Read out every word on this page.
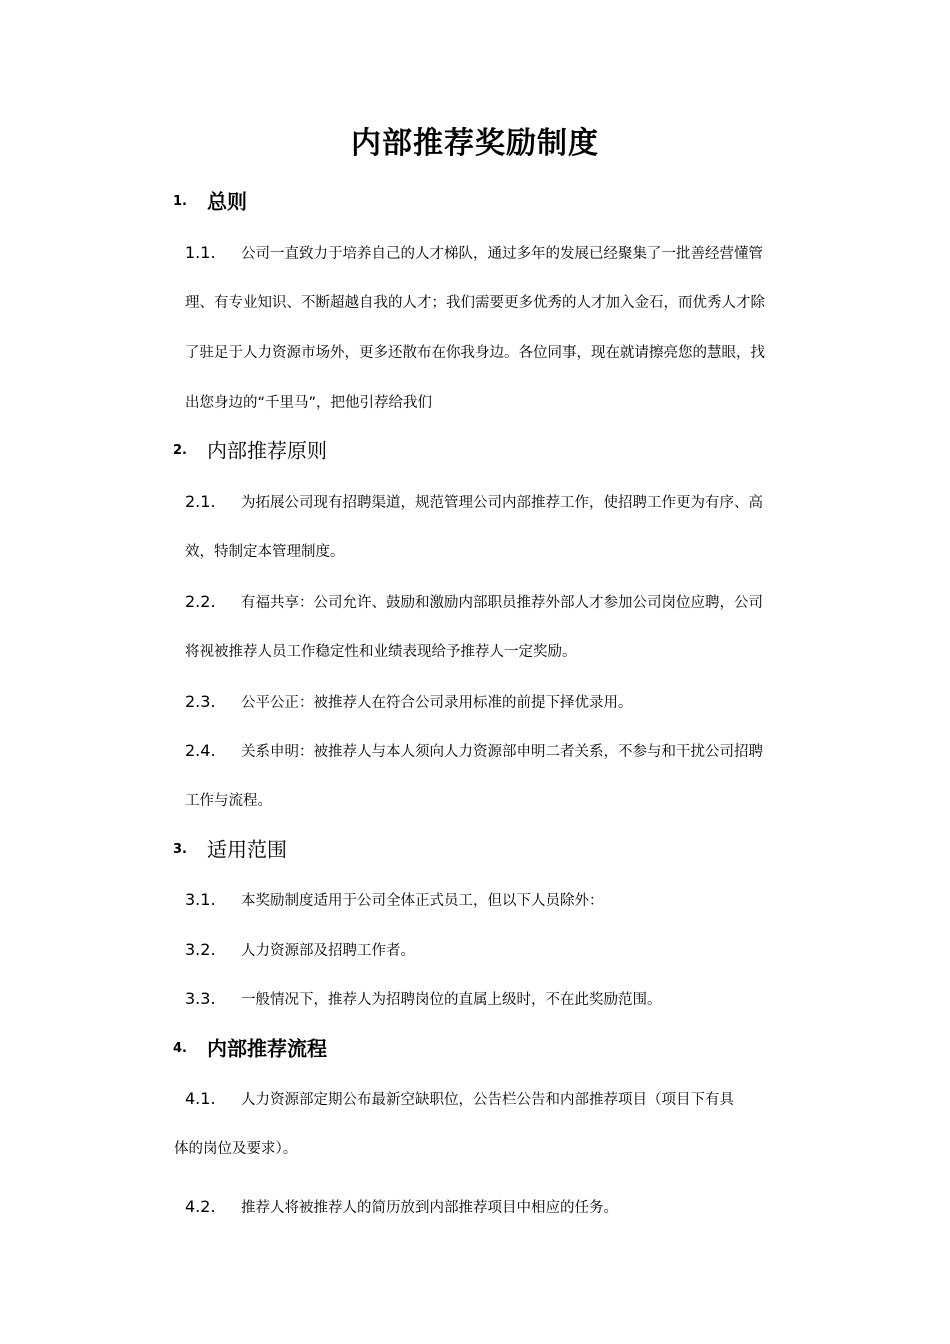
内部推荐奖励制度
1. 总则
1.1. 公司一直致力于培养自己的人才梯队，通过多年的发展已经聚集了一批善经营懂管
理、有专业知识、不断超越自我的人才；我们需要更多优秀的人才加入金石，而优秀人才除
了驻足于人力资源市场外，更多还散布在你我身边。各位同事，现在就请擦亮您的慧眼，找
出您身边的“千里马”，把他引荐给我们
2. 内部推荐原则
2.1. 为拓展公司现有招聘渠道，规范管理公司内部推荐工作，使招聘工作更为有序、高
效，特制定本管理制度。
2.2. 有福共享：公司允许、鼓励和激励内部职员推荐外部人才参加公司岗位应聘，公司
将视被推荐人员工作稳定性和业绩表现给予推荐人一定奖励。
2.3. 公平公正：被推荐人在符合公司录用标准的前提下择优录用。
2.4. 关系申明：被推荐人与本人须向人力资源部申明二者关系，不参与和干扰公司招聘
工作与流程。
3. 适用范围
3.1. 本奖励制度适用于公司全体正式员工，但以下人员除外：
3.2. 人力资源部及招聘工作者。
3.3. 一般情况下，推荐人为招聘岗位的直属上级时，不在此奖励范围。
4. 内部推荐流程
4.1. 人力资源部定期公布最新空缺职位，公告栏公告和内部推荐项目（项目下有具
体的岗位及要求）。
4.2. 推荐人将被推荐人的简历放到内部推荐项目中相应的任务。
